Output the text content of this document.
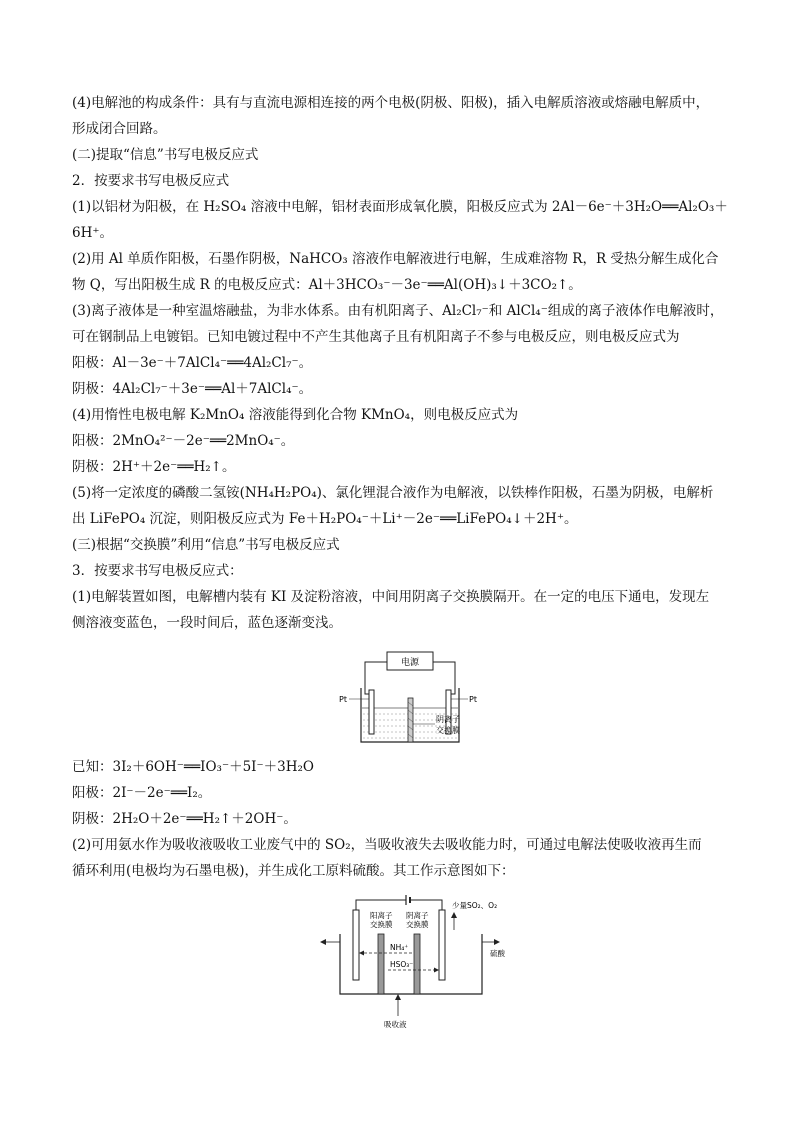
(4)电解池的构成条件：具有与直流电源相连接的两个电极(阴极、阳极)，插入电解质溶液或熔融电解质中，
形成闭合回路。
(二)提取“信息”书写电极反应式
2．按要求书写电极反应式
(1)以铝材为阳极，在 H₂SO₄ 溶液中电解，铝材表面形成氧化膜，阳极反应式为 2Al－6e⁻＋3H₂O══Al₂O₃＋
6H⁺。
(2)用 Al 单质作阳极，石墨作阴极，NaHCO₃ 溶液作电解液进行电解，生成难溶物 R，R 受热分解生成化合
物 Q，写出阳极生成 R 的电极反应式：Al＋3HCO₃⁻－3e⁻══Al(OH)₃↓＋3CO₂↑。
(3)离子液体是一种室温熔融盐，为非水体系。由有机阳离子、Al₂Cl₇⁻和 AlCl₄⁻组成的离子液体作电解液时，
可在钢制品上电镀铝。已知电镀过程中不产生其他离子且有机阳离子不参与电极反应，则电极反应式为
阳极：Al－3e⁻＋7AlCl₄⁻══4Al₂Cl₇⁻。
阴极：4Al₂Cl₇⁻＋3e⁻══Al＋7AlCl₄⁻。
(4)用惰性电极电解 K₂MnO₄ 溶液能得到化合物 KMnO₄，则电极反应式为
阳极：2MnO₄²⁻－2e⁻══2MnO₄⁻。
阴极：2H⁺＋2e⁻══H₂↑。
(5)将一定浓度的磷酸二氢铵(NH₄H₂PO₄)、氯化锂混合液作为电解液，以铁棒作阳极，石墨为阴极，电解析
出 LiFePO₄ 沉淀，则阳极反应式为 Fe＋H₂PO₄⁻＋Li⁺－2e⁻══LiFePO₄↓＋2H⁺。
(三)根据“交换膜”利用“信息”书写电极反应式
3．按要求书写电极反应式：
(1)电解装置如图，电解槽内装有 KI 及淀粉溶液，中间用阴离子交换膜隔开。在一定的电压下通电，发现左
侧溶液变蓝色，一段时间后，蓝色逐渐变浅。
电源
Pt	Pt
阴离子
交换膜
已知：3I₂＋6OH⁻══IO₃⁻＋5I⁻＋3H₂O
阳极：2I⁻－2e⁻══I₂。
阴极：2H₂O＋2e⁻══H₂↑＋2OH⁻。
(2)可用氨水作为吸收液吸收工业废气中的 SO₂，当吸收液失去吸收能力时，可通过电解法使吸收液再生而
循环利用(电极均为石墨电极)，并生成化工原料硫酸。其工作示意图如下：
阳离子
交换膜
阴离子
交换膜
少量SO₂、O₂
硫酸
NH₄⁺
HSO₃⁻
吸收液
